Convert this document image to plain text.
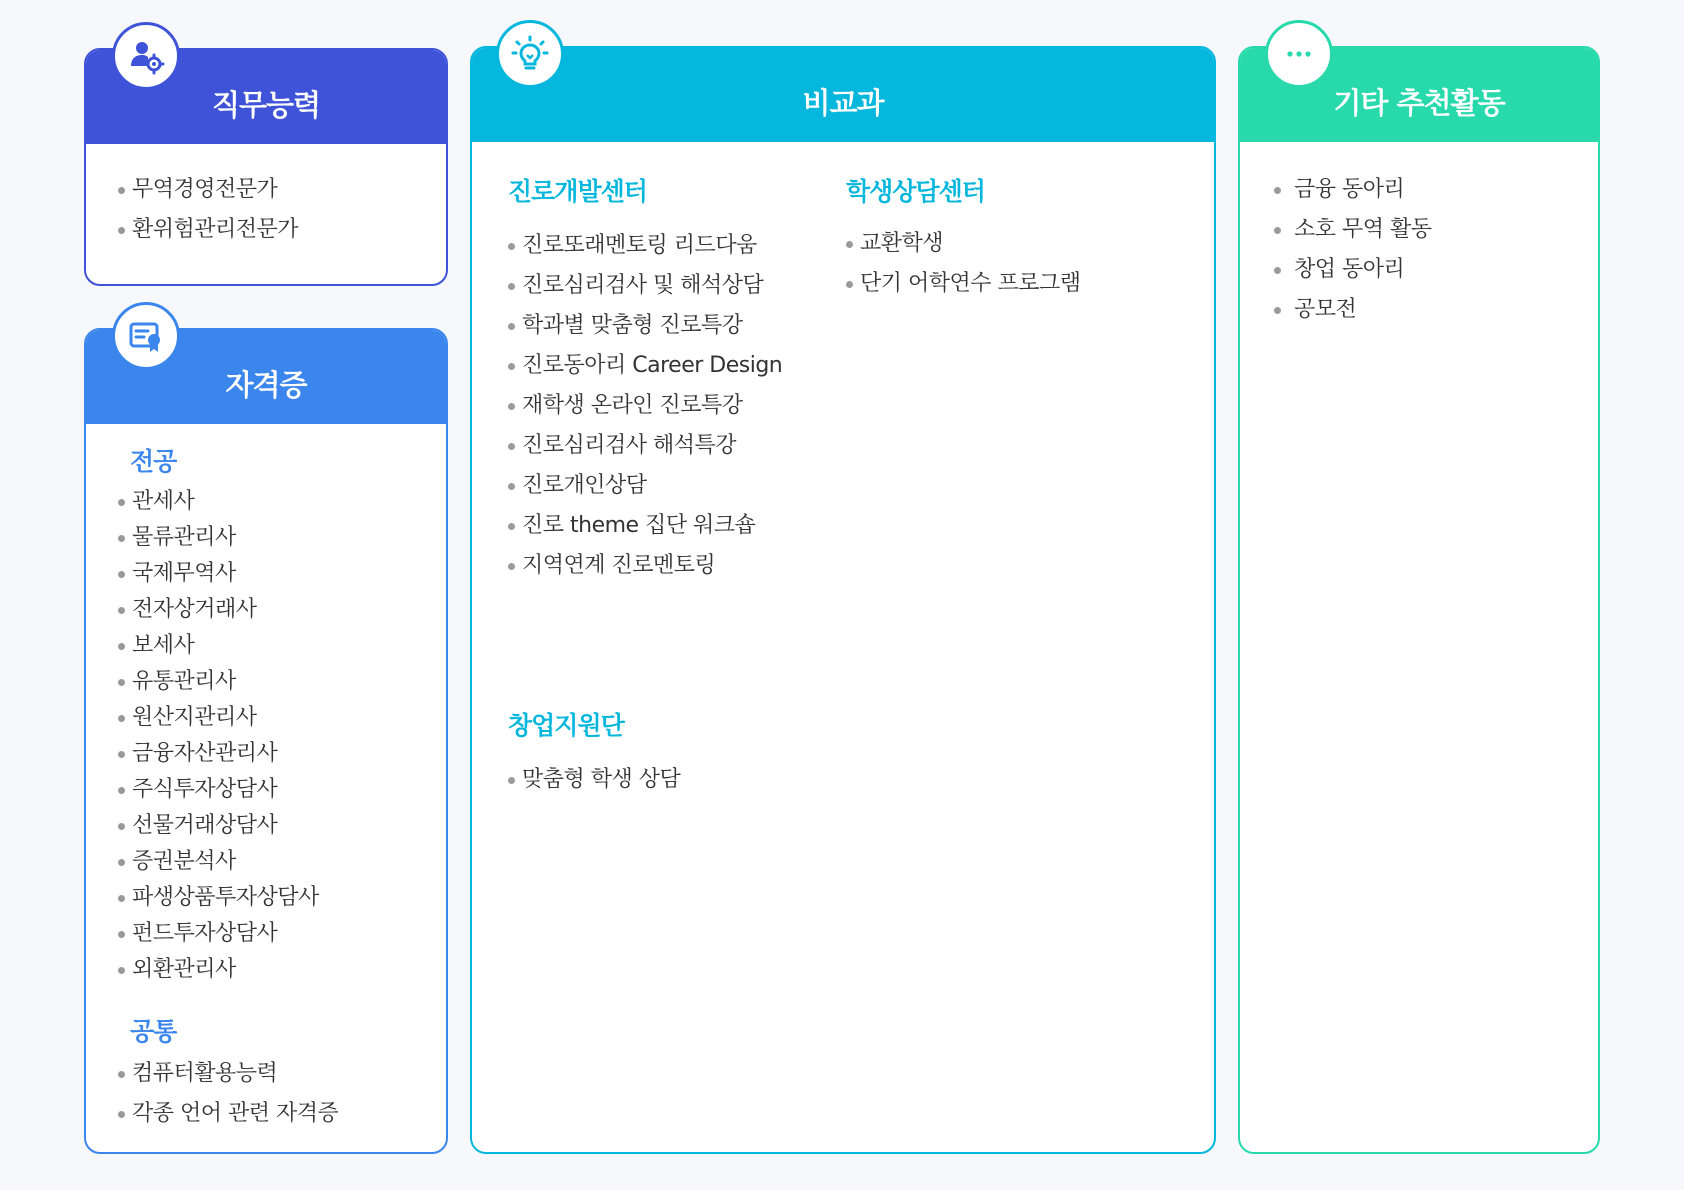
직무능력
무역경영전문가
환위험관리전문가
자격증
전공
관세사
물류관리사
국제무역사
전자상거래사
보세사
유통관리사
원산지관리사
금융자산관리사
주식투자상담사
선물거래상담사
증권분석사
파생상품투자상담사
펀드투자상담사
외환관리사
공통
컴퓨터활용능력
각종 언어 관련 자격증
비교과
진로개발센터
진로또래멘토링 리드다움
진로심리검사 및 해석상담
학과별 맞춤형 진로특강
진로동아리 Career Design
재학생 온라인 진로특강
진로심리검사 해석특강
진로개인상담
진로 theme 집단 워크숍
지역연계 진로멘토링
학생상담센터
교환학생
단기 어학연수 프로그램
창업지원단
맞춤형 학생 상담
기타 추천활동
금융 동아리
소호 무역 활동
창업 동아리
공모전
